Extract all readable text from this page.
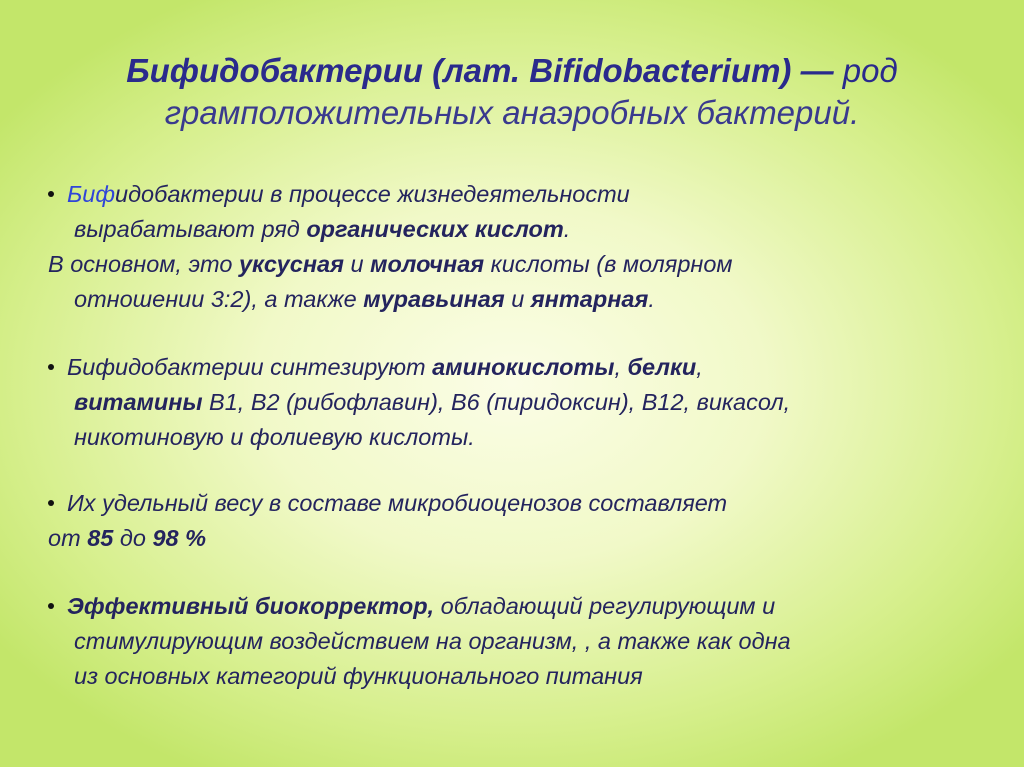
Бифидобактерии (лат. Bifidobacterium) — род
грамположительных анаэробных бактерий.

Бифидобактерии в процессе жизнедеятельности

вырабатывают ряд органических кислот.

В основном, это уксусная и молочная кислоты (в молярном

отношении 3:2), а также муравьиная и янтарная.

Бифидобактерии синтезируют аминокислоты, белки,

витамины В1, В2 (рибофлавин), В6 (пиридоксин), В12, викасол,

никотиновую и фолиевую кислоты.

Их удельный весу в составе микробиоценозов составляет

от 85 до 98 %

Эффективный биокорректор, обладающий регулирующим и

стимулирующим воздействием на организм, , а также как одна

из основных категорий функционального питания
